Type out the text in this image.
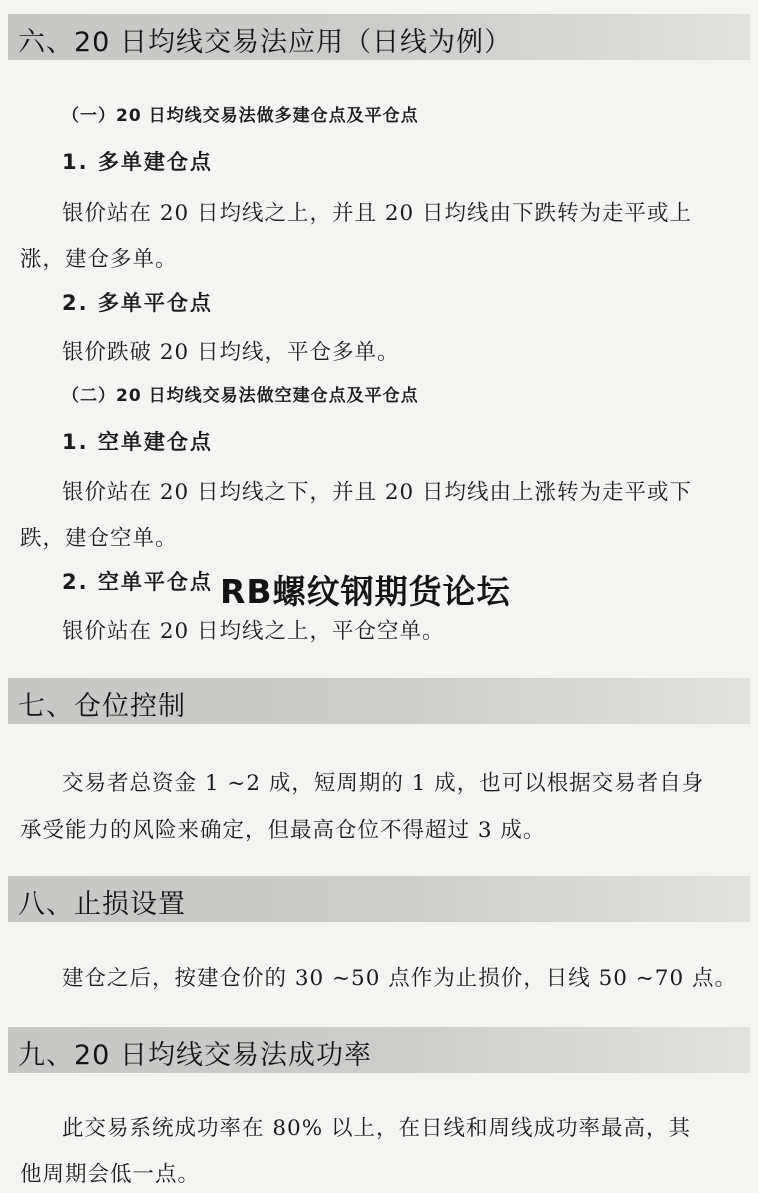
六、20 日均线交易法应用（日线为例）
（一）20 日均线交易法做多建仓点及平仓点
1. 多单建仓点
银价站在 20 日均线之上，并且 20 日均线由下跌转为走平或上
涨，建仓多单。
2. 多单平仓点
银价跌破 20 日均线，平仓多单。
（二）20 日均线交易法做空建仓点及平仓点
1. 空单建仓点
银价站在 20 日均线之下，并且 20 日均线由上涨转为走平或下
跌，建仓空单。
2. 空单平仓点
银价站在 20 日均线之上，平仓空单。
七、仓位控制
交易者总资金 1 ~2 成，短周期的 1 成，也可以根据交易者自身
承受能力的风险来确定，但最高仓位不得超过 3 成。
八、止损设置
建仓之后，按建仓价的 30 ~50 点作为止损价，日线 50 ~70 点。
九、20 日均线交易法成功率
此交易系统成功率在 80% 以上，在日线和周线成功率最高，其
他周期会低一点。
RB螺纹钢期货论坛
